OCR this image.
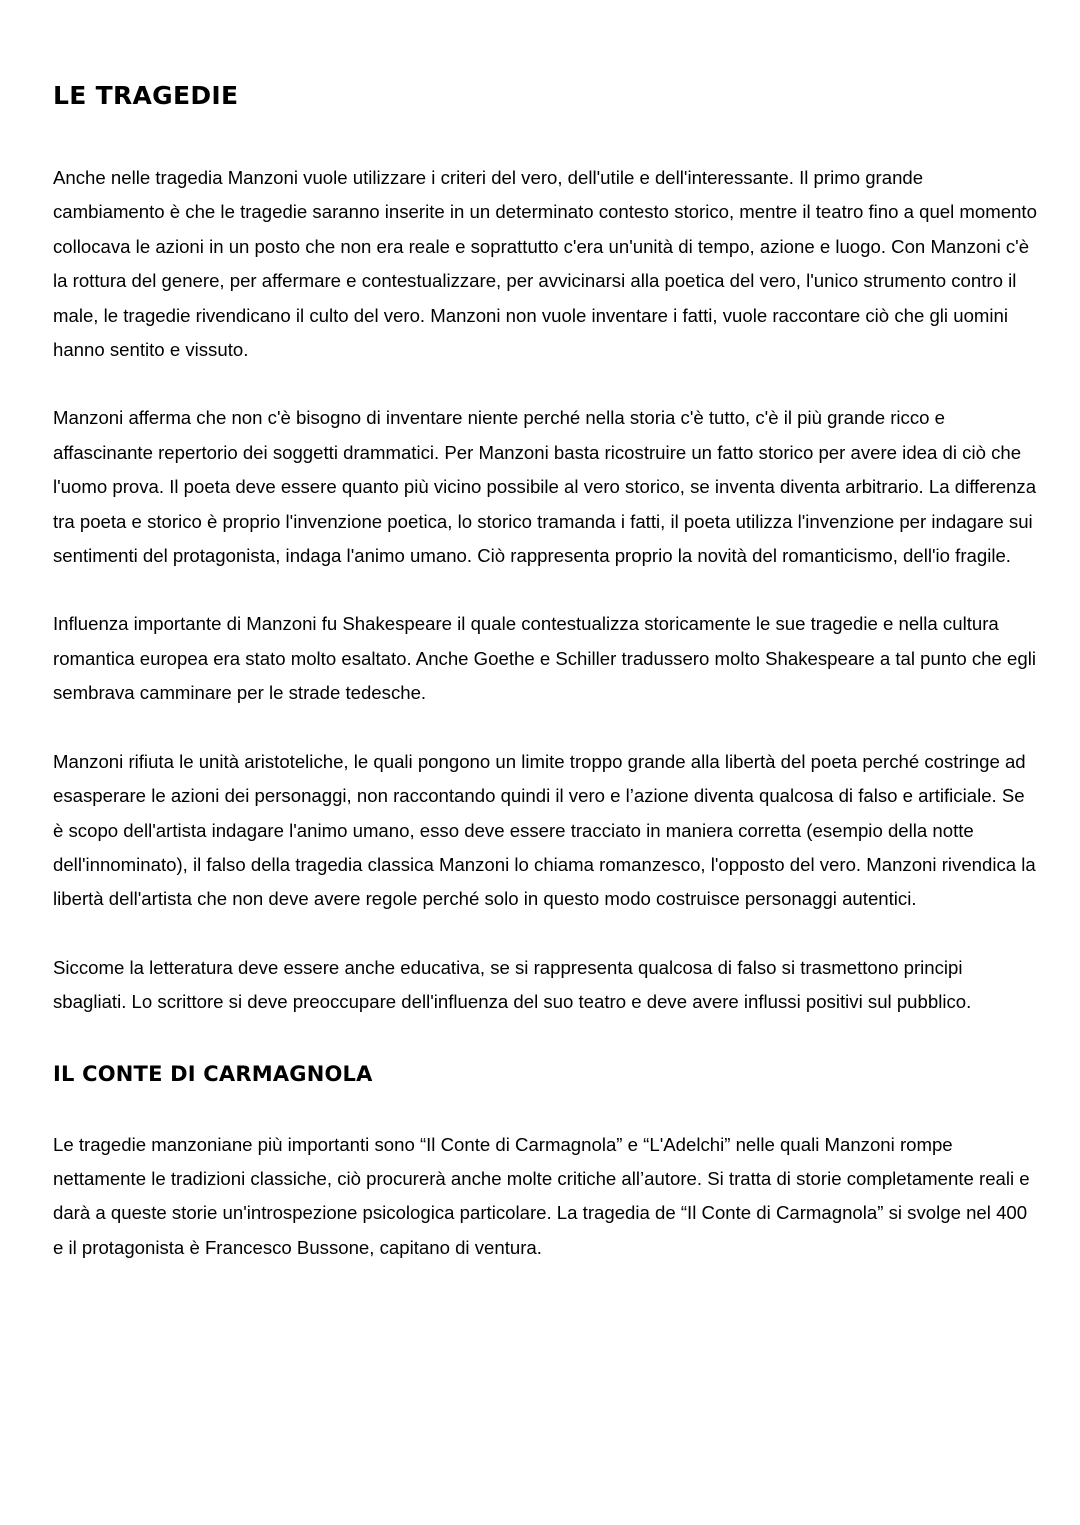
LE TRAGEDIE

Anche nelle tragedia Manzoni vuole utilizzare i criteri del vero, dell'utile e dell'interessante. Il primo grande cambiamento è che le tragedie saranno inserite in un determinato contesto storico, mentre il teatro fino a quel momento collocava le azioni in un posto che non era reale e soprattutto c'era un'unità di tempo, azione e luogo. Con Manzoni c'è la rottura del genere, per affermare e contestualizzare, per avvicinarsi alla poetica del vero, l'unico strumento contro il male, le tragedie rivendicano il culto del vero. Manzoni non vuole inventare i fatti, vuole raccontare ciò che gli uomini hanno sentito e vissuto.

Manzoni afferma che non c'è bisogno di inventare niente perché nella storia c'è tutto, c'è il più grande ricco e affascinante repertorio dei soggetti drammatici. Per Manzoni basta ricostruire un fatto storico per avere idea di ciò che l'uomo prova. Il poeta deve essere quanto più vicino possibile al vero storico, se inventa diventa arbitrario. La differenza tra poeta e storico è proprio l'invenzione poetica, lo storico tramanda i fatti, il poeta utilizza l'invenzione per indagare sui sentimenti del protagonista, indaga l'animo umano. Ciò rappresenta proprio la novità del romanticismo, dell'io fragile.

Influenza importante di Manzoni fu Shakespeare il quale contestualizza storicamente le sue tragedie e nella cultura romantica europea era stato molto esaltato. Anche Goethe e Schiller tradussero molto Shakespeare a tal punto che egli sembrava camminare per le strade tedesche.

Manzoni rifiuta le unità aristoteliche, le quali pongono un limite troppo grande alla libertà del poeta perché costringe ad esasperare le azioni dei personaggi, non raccontando quindi il vero e l’azione diventa qualcosa di falso e artificiale. Se è scopo dell'artista indagare l'animo umano, esso deve essere tracciato in maniera corretta (esempio della notte dell'innominato), il falso della tragedia classica Manzoni lo chiama romanzesco, l'opposto del vero. Manzoni rivendica la libertà dell'artista che non deve avere regole perché solo in questo modo costruisce personaggi autentici.

Siccome la letteratura deve essere anche educativa, se si rappresenta qualcosa di falso si trasmettono principi sbagliati. Lo scrittore si deve preoccupare dell'influenza del suo teatro e deve avere influssi positivi sul pubblico.

IL CONTE DI CARMAGNOLA

Le tragedie manzoniane più importanti sono “Il Conte di Carmagnola” e “L'Adelchi” nelle quali Manzoni rompe nettamente le tradizioni classiche, ciò procurerà anche molte critiche all’autore. Si tratta di storie completamente reali e darà a queste storie un'introspezione psicologica particolare. La tragedia de “Il Conte di Carmagnola” si svolge nel 400 e il protagonista è Francesco Bussone, capitano di ventura.
